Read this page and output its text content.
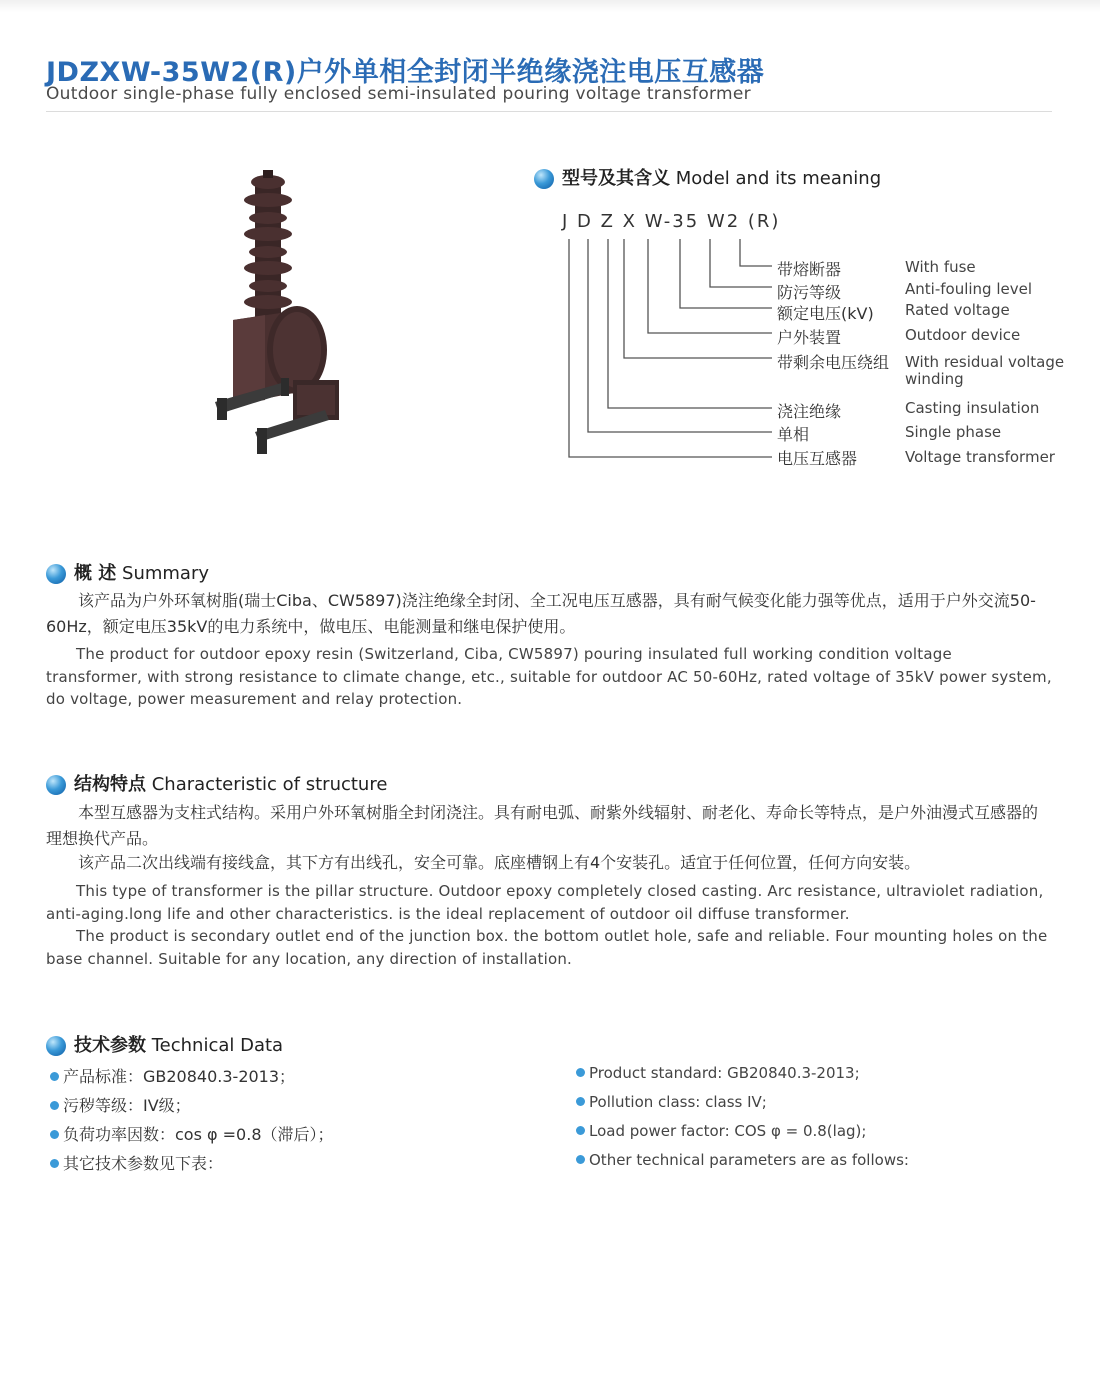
JDZXW-35W2(R)户外单相全封闭半绝缘浇注电压互感器
Outdoor single-phase fully enclosed semi-insulated pouring voltage transformer
型号及其含义 Model and its meaning
J D Z X W-35 W2 (R)
带熔断器	With fuse
防污等级	Anti-fouling level
额定电压(kV) Rated voltage
户外装置	Outdoor device
带剩余电压绕组 With residual voltage
winding
浇注绝缘	Casting insulation
单相	Single phase
电压互感器	Voltage transformer
概 述 Summary
该产品为户外环氧树脂(瑞士Ciba、CW5897)浇注绝缘全封闭、全工况电压互感器，具有耐气候变化能力强等优点，适用于户外交流50-60Hz，额定电压35kV的电力系统中，做电压、电能测量和继电保护使用。
The product for outdoor epoxy resin (Switzerland, Ciba, CW5897) pouring insulated full working condition voltage transformer, with strong resistance to climate change, etc., suitable for outdoor AC 50-60Hz, rated voltage of 35kV power system, do voltage, power measurement and relay protection.
结构特点 Characteristic of structure
本型互感器为支柱式结构。采用户外环氧树脂全封闭浇注。具有耐电弧、耐紫外线辐射、耐老化、寿命长等特点，是户外油漫式互感器的理想换代产品。
该产品二次出线端有接线盒，其下方有出线孔，安全可靠。底座槽钢上有4个安装孔。适宜于任何位置，任何方向安装。
This type of transformer is the pillar structure. Outdoor epoxy completely closed casting. Arc resistance, ultraviolet radiation, anti-aging.long life and other characteristics. is the ideal replacement of outdoor oil diffuse transformer.
The product is secondary outlet end of the junction box. the bottom outlet hole, safe and reliable. Four mounting holes on the base channel. Suitable for any location, any direction of installation.
技术参数 Technical Data
产品标准：GB20840.3-2013；
污秽等级：IV级；
负荷功率因数：cos φ =0.8（滞后）；
其它技术参数见下表：
Product standard: GB20840.3-2013;
Pollution class: class IV;
Load power factor: COS φ = 0.8(lag);
Other technical parameters are as follows:
